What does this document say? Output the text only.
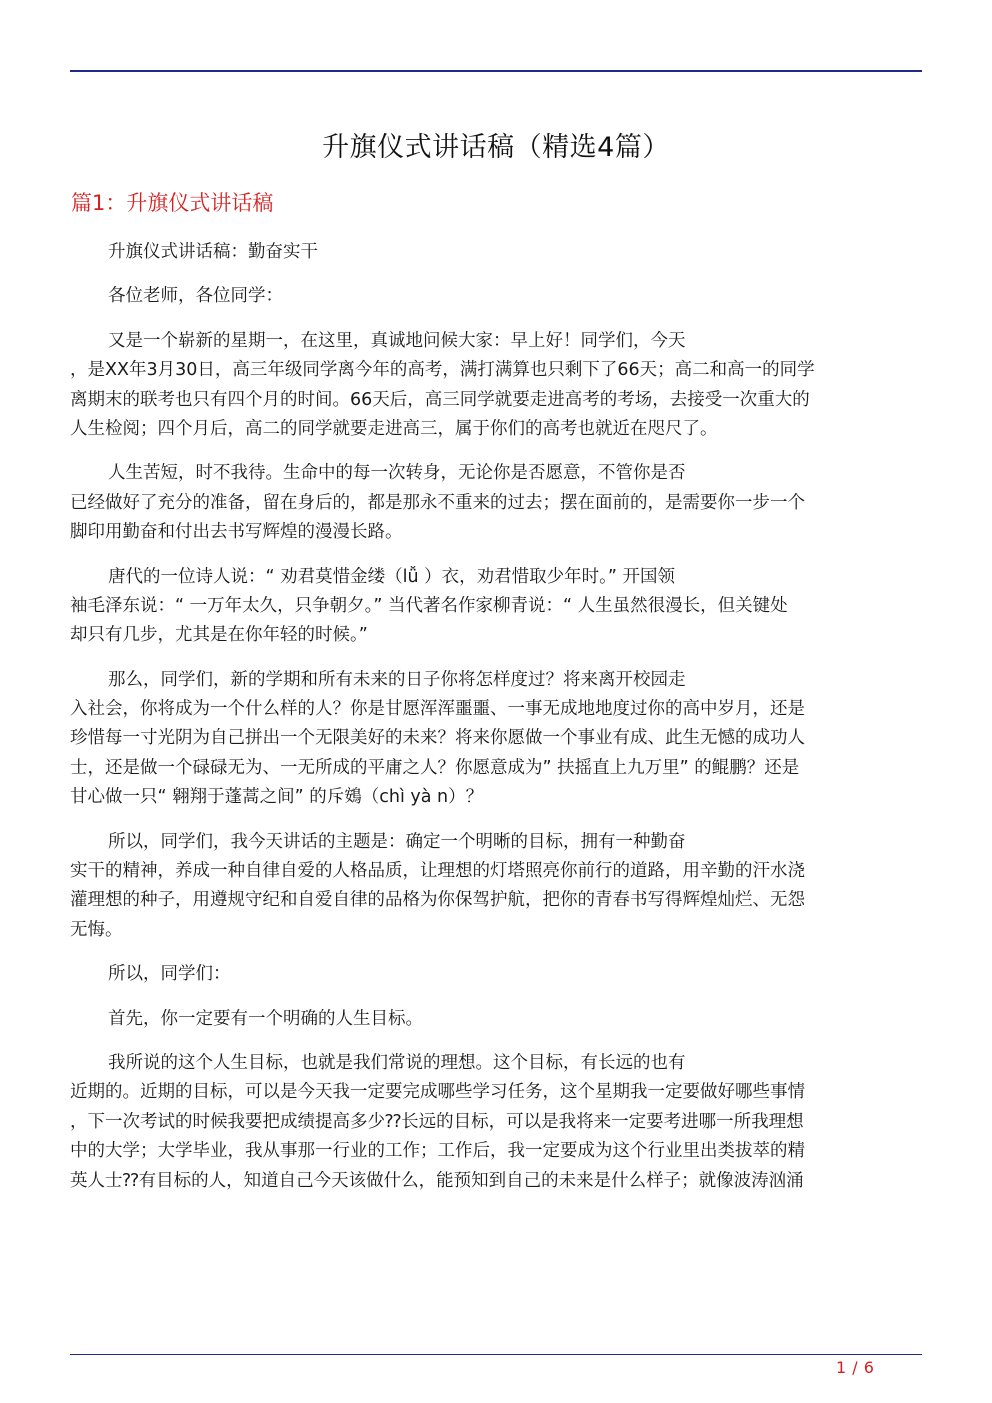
升旗仪式讲话稿（精选4篇）
篇1：升旗仪式讲话稿
升旗仪式讲话稿：勤奋实干
各位老师，各位同学：
又是一个崭新的星期一，在这里，真诚地问候大家：早上好！同学们，今天
，是XX年3月30日，高三年级同学离今年的高考，满打满算也只剩下了66天；高二和高一的同学
离期末的联考也只有四个月的时间。66天后，高三同学就要走进高考的考场，去接受一次重大的
人生检阅；四个月后，高二的同学就要走进高三，属于你们的高考也就近在咫尺了。
人生苦短，时不我待。生命中的每一次转身，无论你是否愿意，不管你是否
已经做好了充分的准备，留在身后的，都是那永不重来的过去；摆在面前的，是需要你一步一个
脚印用勤奋和付出去书写辉煌的漫漫长路。
唐代的一位诗人说：“ 劝君莫惜金缕（lǚ ）衣，劝君惜取少年时。” 开国领
袖毛泽东说：“ 一万年太久，只争朝夕。” 当代著名作家柳青说：“ 人生虽然很漫长，但关键处
却只有几步，尤其是在你年轻的时候。”
那么，同学们，新的学期和所有未来的日子你将怎样度过？将来离开校园走
入社会，你将成为一个什么样的人？你是甘愿浑浑噩噩、一事无成地地度过你的高中岁月，还是
珍惜每一寸光阴为自己拼出一个无限美好的未来？将来你愿做一个事业有成、此生无憾的成功人
士，还是做一个碌碌无为、一无所成的平庸之人？你愿意成为” 扶摇直上九万里” 的鲲鹏？还是
甘心做一只“ 翱翔于蓬蒿之间” 的斥鴳（chì yà n）？
所以，同学们，我今天讲话的主题是：确定一个明晰的目标，拥有一种勤奋
实干的精神，养成一种自律自爱的人格品质，让理想的灯塔照亮你前行的道路，用辛勤的汗水浇
灌理想的种子，用遵规守纪和自爱自律的品格为你保驾护航，把你的青春书写得辉煌灿烂、无怨
无悔。
所以，同学们：
首先，你一定要有一个明确的人生目标。
我所说的这个人生目标，也就是我们常说的理想。这个目标，有长远的也有
近期的。近期的目标，可以是今天我一定要完成哪些学习任务，这个星期我一定要做好哪些事情
，下一次考试的时候我要把成绩提高多少⁇长远的目标，可以是我将来一定要考进哪一所我理想
中的大学；大学毕业，我从事那一行业的工作；工作后，我一定要成为这个行业里出类拔萃的精
英人士⁇有目标的人，知道自己今天该做什么，能预知到自己的未来是什么样子；就像波涛汹涌
1 / 6
